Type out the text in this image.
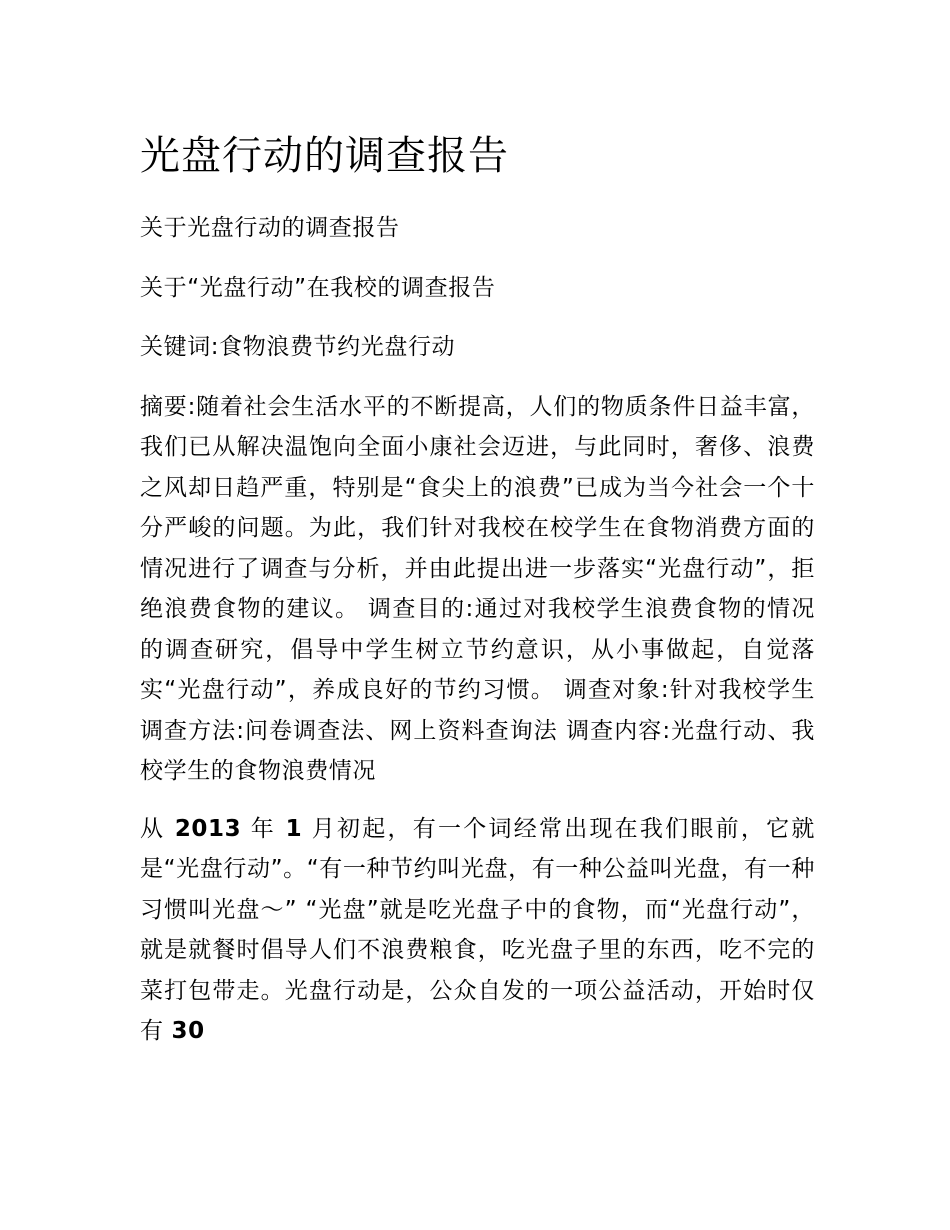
光盘行动的调查报告

关于光盘行动的调查报告

关于“光盘行动”在我校的调查报告

关键词:食物浪费节约光盘行动

摘要:随着社会生活水平的不断提高，人们的物质条件日益丰富，我们已从解决温饱向全面小康社会迈进，与此同时，奢侈、浪费之风却日趋严重，特别是“食尖上的浪费”已成为当今社会一个十分严峻的问题。为此，我们针对我校在校学生在食物消费方面的情况进行了调查与分析，并由此提出进一步落实“光盘行动”，拒绝浪费食物的建议。 调查目的:通过对我校学生浪费食物的情况的调查研究，倡导中学生树立节约意识，从小事做起，自觉落实“光盘行动”，养成良好的节约习惯。 调查对象:针对我校学生 调查方法:问卷调查法、网上资料查询法 调查内容:光盘行动、我校学生的食物浪费情况

从 2013 年 1 月初起，有一个词经常出现在我们眼前，它就是“光盘行动”。“有一种节约叫光盘，有一种公益叫光盘，有一种习惯叫光盘～” “光盘”就是吃光盘子中的食物，而“光盘行动”，就是就餐时倡导人们不浪费粮食，吃光盘子里的东西，吃不完的菜打包带走。光盘行动是，公众自发的一项公益活动，开始时仅有 30
